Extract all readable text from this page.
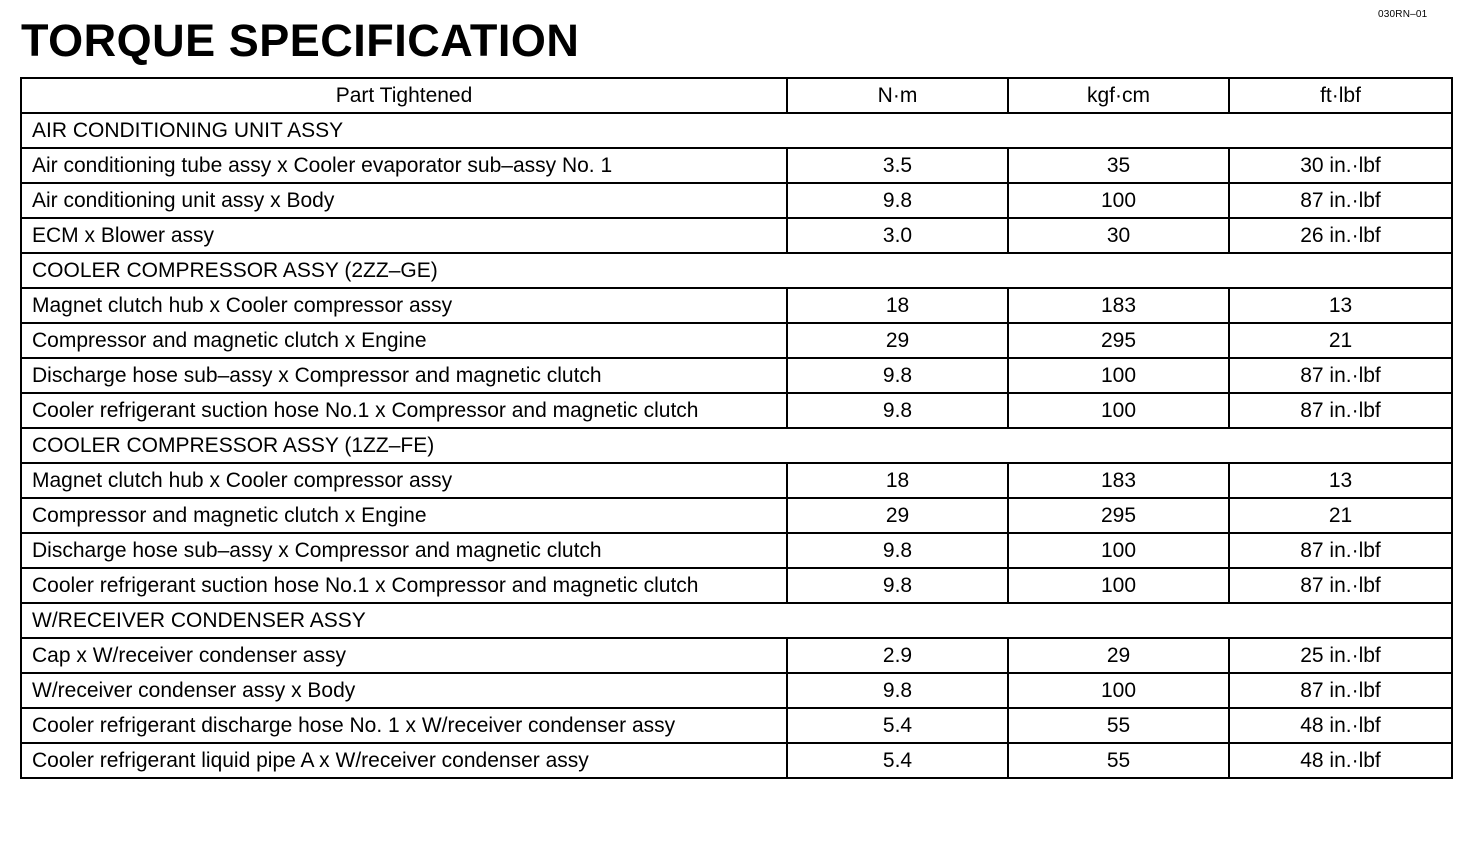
030RN–01
TORQUE SPECIFICATION
Part Tightened	N·m	kgf·cm	ft·lbf
AIR CONDITIONING UNIT ASSY			
Air conditioning tube assy x Cooler evaporator sub–assy No. 1	3.5	35	30 in.·lbf
Air conditioning unit assy x Body	9.8	100	87 in.·lbf
ECM x Blower assy	3.0	30	26 in.·lbf
COOLER COMPRESSOR ASSY (2ZZ–GE)			
Magnet clutch hub x Cooler compressor assy	18	183	13
Compressor and magnetic clutch x Engine	29	295	21
Discharge hose sub–assy x Compressor and magnetic clutch	9.8	100	87 in.·lbf
Cooler refrigerant suction hose No.1 x Compressor and magnetic clutch	9.8	100	87 in.·lbf
COOLER COMPRESSOR ASSY (1ZZ–FE)			
Magnet clutch hub x Cooler compressor assy	18	183	13
Compressor and magnetic clutch x Engine	29	295	21
Discharge hose sub–assy x Compressor and magnetic clutch	9.8	100	87 in.·lbf
Cooler refrigerant suction hose No.1 x Compressor and magnetic clutch	9.8	100	87 in.·lbf
W/RECEIVER CONDENSER ASSY			
Cap x W/receiver condenser assy	2.9	29	25 in.·lbf
W/receiver condenser assy x Body	9.8	100	87 in.·lbf
Cooler refrigerant discharge hose No. 1 x W/receiver condenser assy	5.4	55	48 in.·lbf
Cooler refrigerant liquid pipe A x W/receiver condenser assy	5.4	55	48 in.·lbf
